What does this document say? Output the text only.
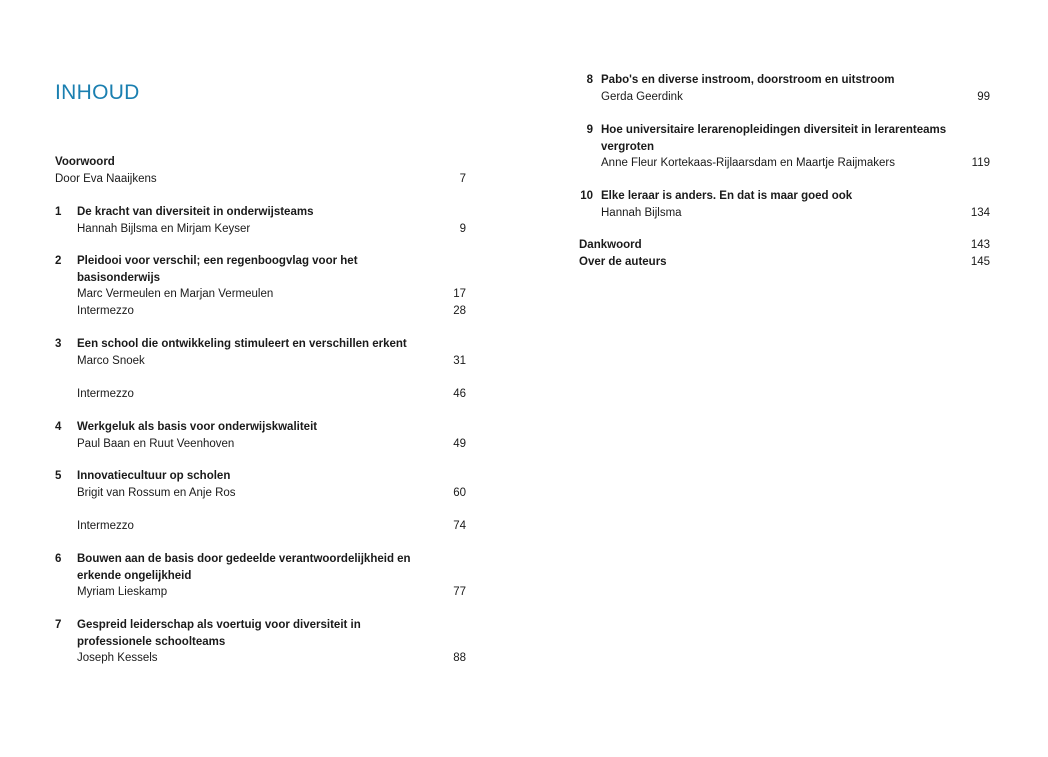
INHOUD
Voorwoord
Door Eva Naaijkens	7
1	De kracht van diversiteit in onderwijsteams
Hannah Bijlsma en Mirjam Keyser	9
2	Pleidooi voor verschil; een regenboogvlag voor het basisonderwijs
Marc Vermeulen en Marjan Vermeulen	17
Intermezzo	28
3	Een school die ontwikkeling stimuleert en verschillen erkent
Marco Snoek	31
Intermezzo	46
4	Werkgeluk als basis voor onderwijskwaliteit
Paul Baan en Ruut Veenhoven	49
5	Innovatiecultuur op scholen
Brigit van Rossum en Anje Ros	60
Intermezzo	74
6	Bouwen aan de basis door gedeelde verantwoordelijkheid en erkende ongelijkheid
Myriam Lieskamp	77
7	Gespreid leiderschap als voertuig voor diversiteit in professionele schoolteams
Joseph Kessels	88
8 Pabo's en diverse instroom, doorstroom en uitstroom
Gerda Geerdink	99
9 Hoe universitaire lerarenopleidingen diversiteit in lerarenteams vergroten
Anne Fleur Kortekaas-Rijlaarsdam en Maartje Raijmakers	119
10 Elke leraar is anders. En dat is maar goed ook
Hannah Bijlsma	134
Dankwoord	143
Over de auteurs	145
